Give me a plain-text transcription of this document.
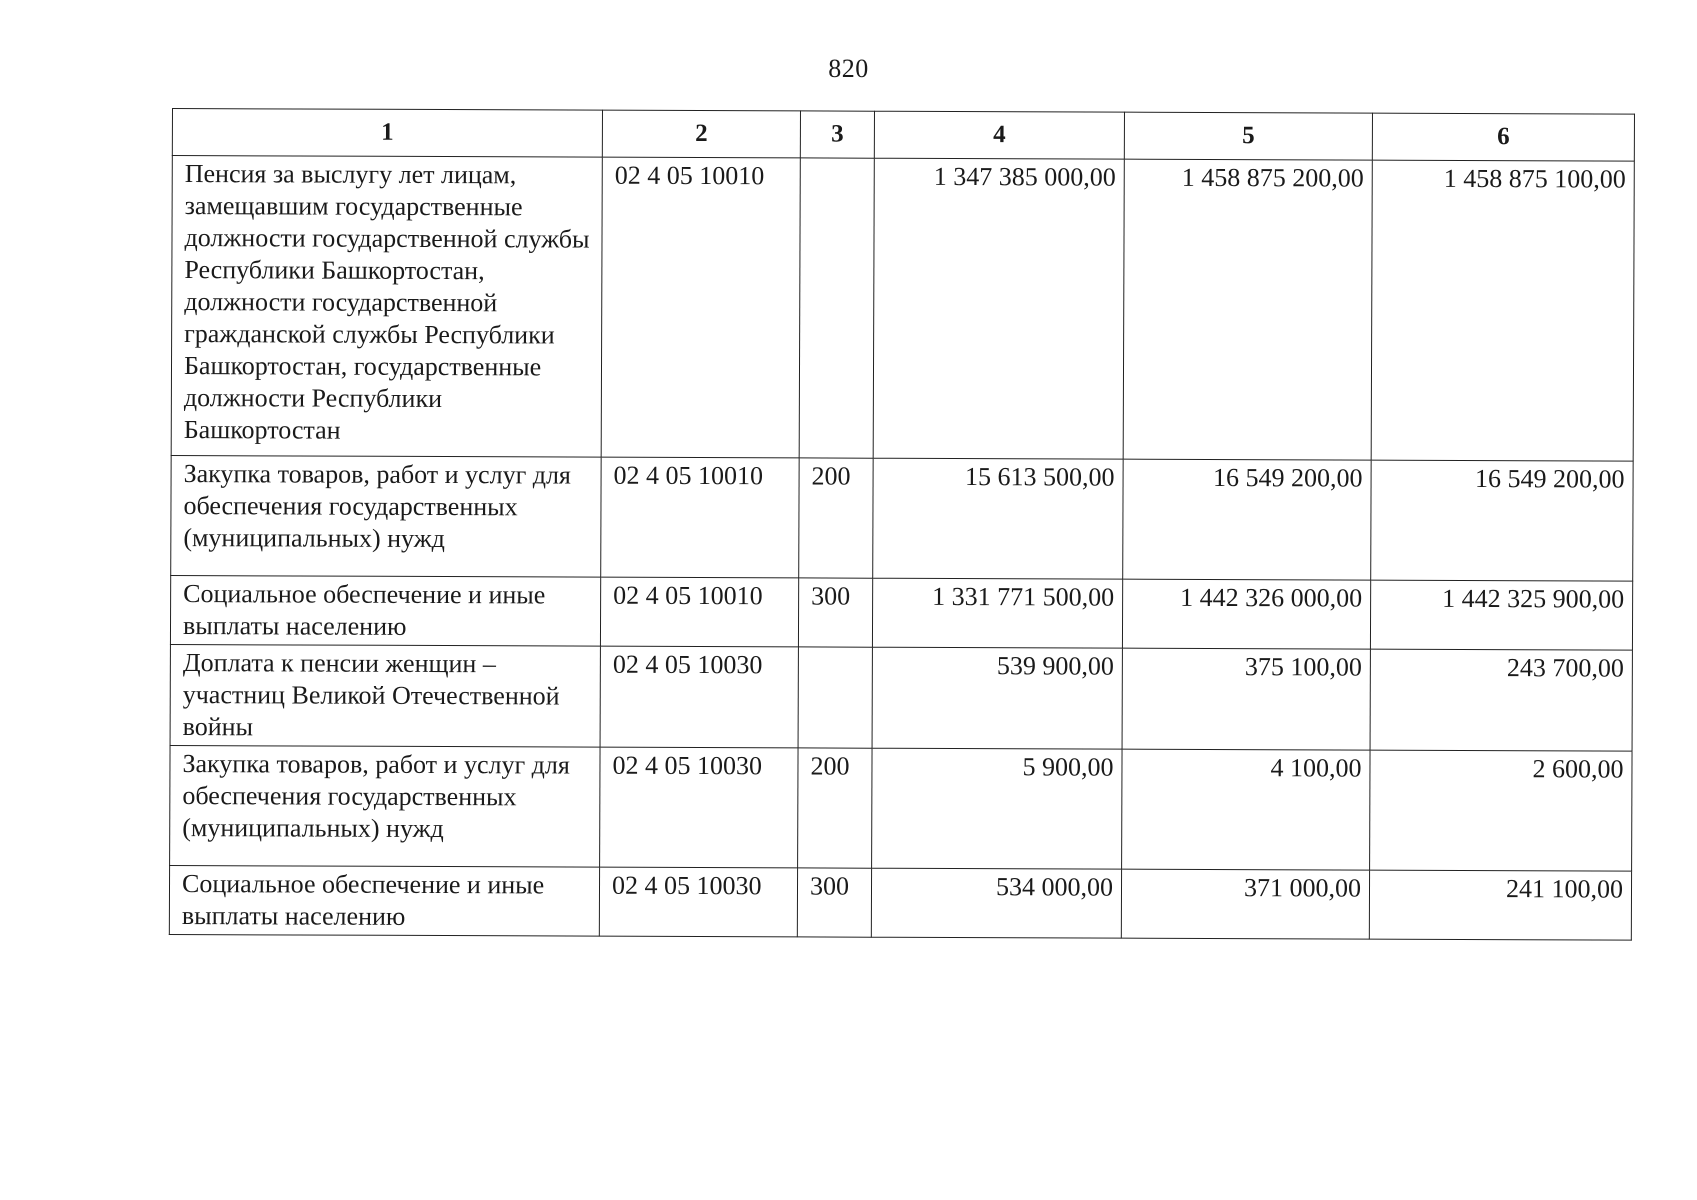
820
1	2	3	4	5	6
Пенсия за выслугу лет лицам, замещавшим государственные должности государственной службы Республики Башкортостан, должности государственной гражданской службы Республики Башкортостан, государственные должности Республики Башкортостан	02 4 05 10010		1 347 385 000,00	1 458 875 200,00	1 458 875 100,00
Закупка товаров, работ и услуг для обеспечения государственных (муниципальных) нужд	02 4 05 10010	200	15 613 500,00	16 549 200,00	16 549 200,00
Социальное обеспечение и иные выплаты населению	02 4 05 10010	300	1 331 771 500,00	1 442 326 000,00	1 442 325 900,00
Доплата к пенсии женщин – участниц Великой Отечественной войны	02 4 05 10030		539 900,00	375 100,00	243 700,00
Закупка товаров, работ и услуг для обеспечения государственных (муниципальных) нужд	02 4 05 10030	200	5 900,00	4 100,00	2 600,00
Социальное обеспечение и иные выплаты населению	02 4 05 10030	300	534 000,00	371 000,00	241 100,00
